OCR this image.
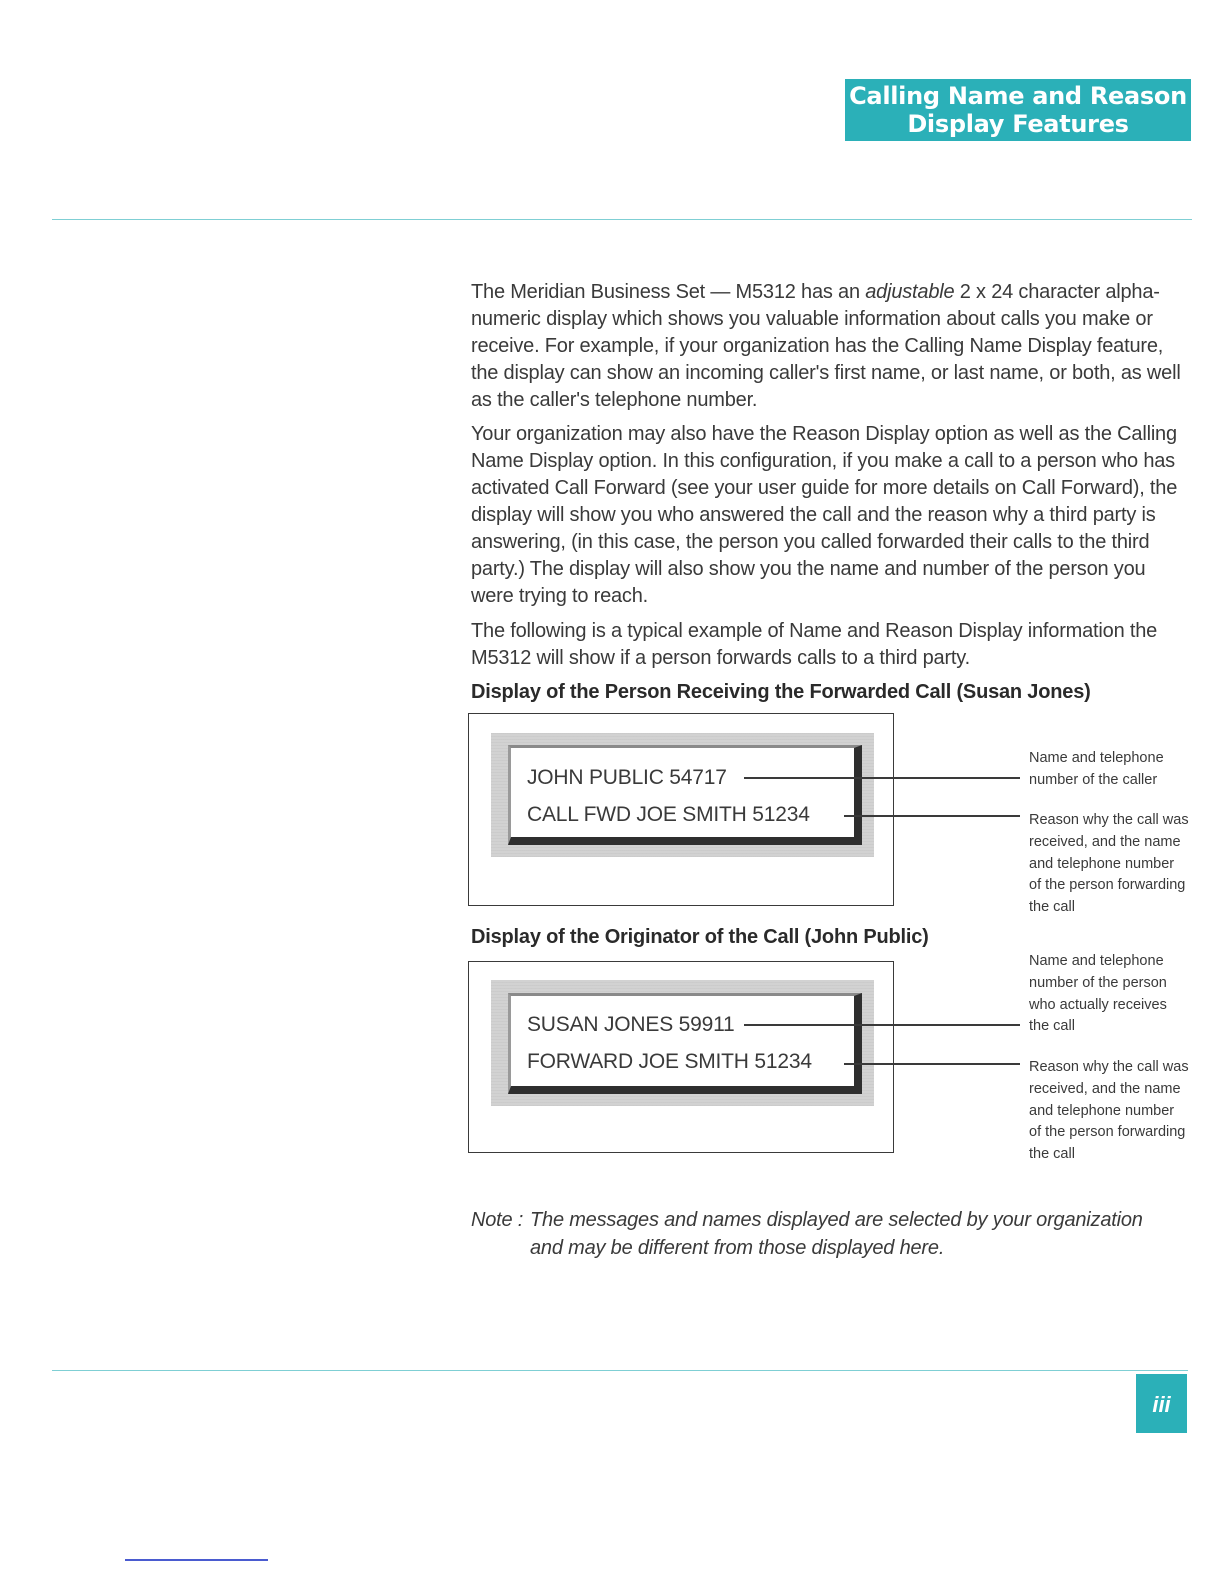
Calling Name and Reason
Display Features

The Meridian Business Set — M5312 has an adjustable 2 x 24 character alpha-numeric display which shows you valuable information about calls you make or receive. For example, if your organization has the Calling Name Display feature, the display can show an incoming caller's first name, or last name, or both, as well as the caller's telephone number.

Your organization may also have the Reason Display option as well as the Calling Name Display option. In this configuration, if you make a call to a person who has activated Call Forward (see your user guide for more details on Call Forward), the display will show you who answered the call and the reason why a third party is answering, (in this case, the person you called forwarded their calls to the third party.) The display will also show you the name and number of the person you were trying to reach.

The following is a typical example of Name and Reason Display information the M5312 will show if a person forwards calls to a third party.

Display of the Person Receiving the Forwarded Call (Susan Jones)

JOHN PUBLIC 54717
CALL FWD JOE SMITH 51234

Name and telephone number of the caller

Reason why the call was received, and the name and telephone number of the person forwarding the call

Display of the Originator of the Call (John Public)

SUSAN JONES 59911
FORWARD JOE SMITH 51234

Name and telephone number of the person who actually receives the call

Reason why the call was received, and the name and telephone number of the person forwarding the call

Note : The messages and names displayed are selected by your organization
and may be different from those displayed here.

iii
